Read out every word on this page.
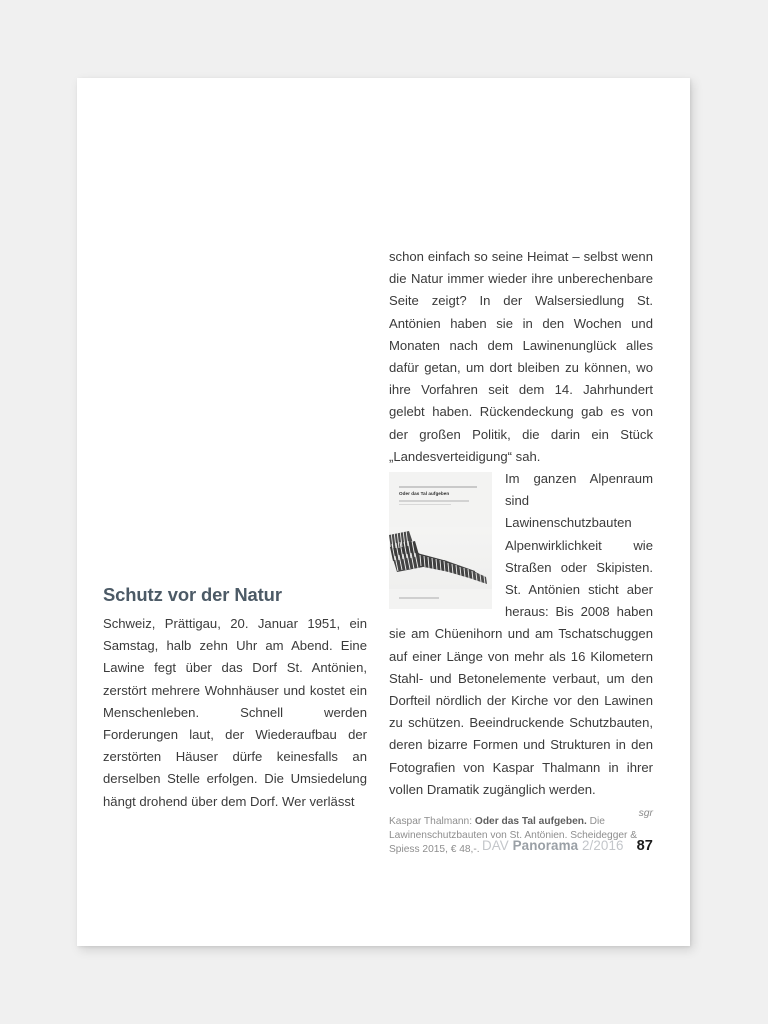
Schutz vor der Natur

Schweiz, Prättigau, 20. Januar 1951, ein Samstag, halb zehn Uhr am Abend. Eine Lawine fegt über das Dorf St. Antönien, zerstört mehrere Wohnhäuser und kostet ein Menschenleben. Schnell werden Forderungen laut, der Wiederaufbau der zerstörten Häuser dürfe keinesfalls an derselben Stelle erfolgen. Die Umsiedelung hängt drohend über dem Dorf. Wer verlässt

schon einfach so seine Heimat – selbst wenn die Natur immer wieder ihre unberechenbare Seite zeigt? In der Walsersiedlung St. Antönien haben sie in den Wochen und Monaten nach dem Lawinenunglück alles dafür getan, um dort bleiben zu können, wo ihre Vorfahren seit dem 14. Jahrhundert gelebt haben. Rückendeckung gab es von der großen Politik, die darin ein Stück „Landesverteidigung“ sah.

Oder das Tal aufgeben

Im ganzen Alpenraum sind Lawinenschutzbauten Alpenwirklichkeit wie Straßen oder Skipisten. St. Antönien sticht aber heraus: Bis 2008 haben sie am Chüenihorn und am Tschatschuggen auf einer Länge von mehr als 16 Kilometern Stahl- und Betonelemente verbaut, um den Dorfteil nördlich der Kirche vor den Lawinen zu schützen. Beeindruckende Schutzbauten, deren bizarre Formen und Strukturen in den Fotografien von Kaspar Thalmann in ihrer vollen Dramatik zugänglich werden.

sgr

Kaspar Thalmann: Oder das Tal aufgeben. Die Lawinenschutzbauten von St. Antönien. Scheidegger & Spiess 2015, € 48,-. DAV Panorama 2/2016 87
